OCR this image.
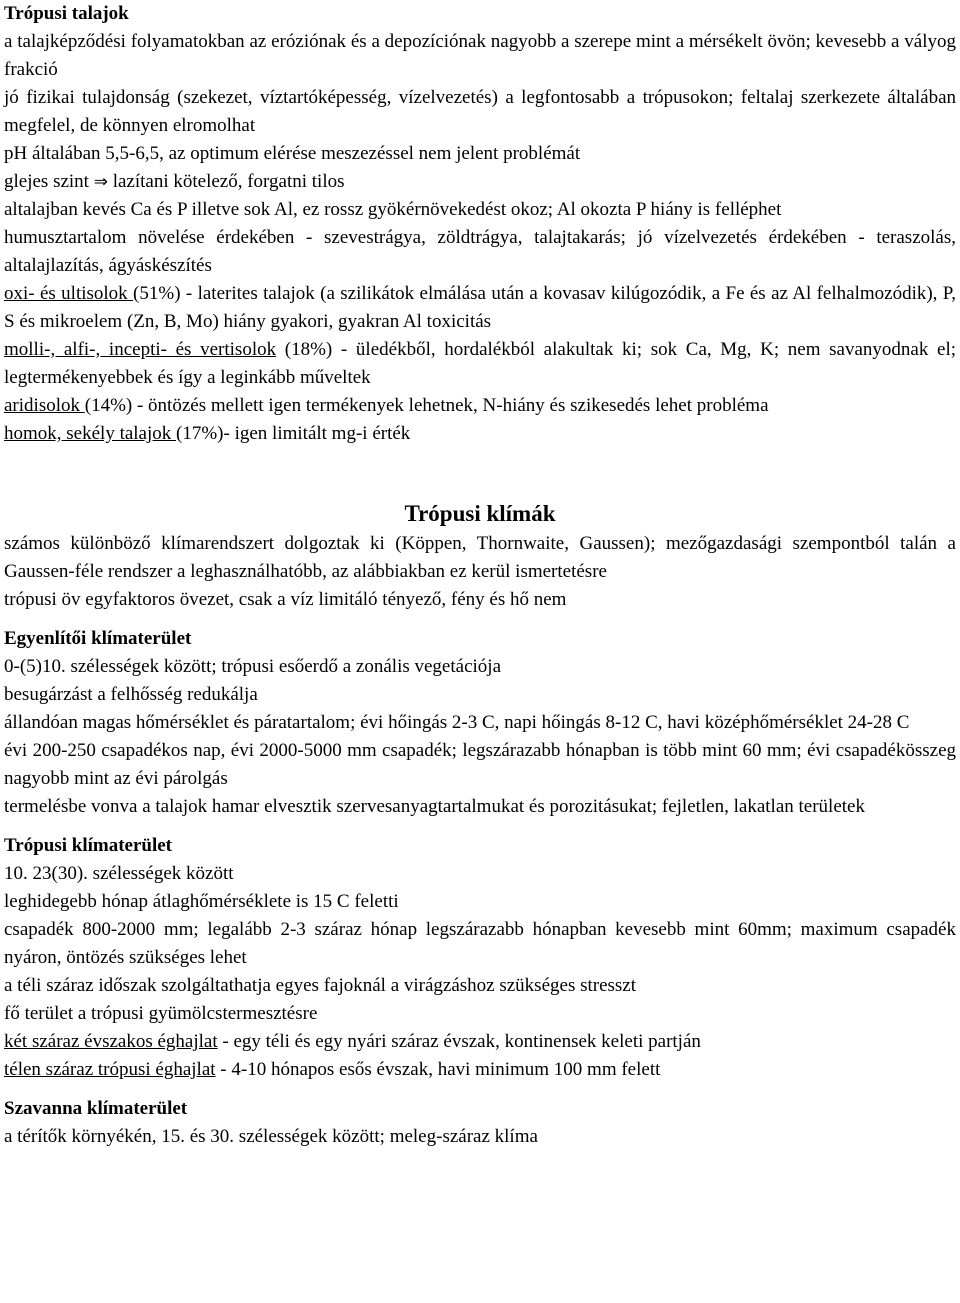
Trópusi talajok

a talajképződési folyamatokban az eróziónak és a depozíciónak nagyobb a szerepe mint a mérsékelt övön; kevesebb a vályog frakció

jó fizikai tulajdonság (szekezet, víztartóképesség, vízelvezetés) a legfontosabb a trópusokon; feltalaj szerkezete általában megfelel, de könnyen elromolhat

pH általában 5,5-6,5, az optimum elérése meszezéssel nem jelent problémát

glejes szint ⇒ lazítani kötelező, forgatni tilos

altalajban kevés Ca és P illetve sok Al, ez rossz gyökérnövekedést okoz; Al okozta P hiány is felléphet

humusztartalom növelése érdekében - szevestrágya, zöldtrágya, talajtakarás; jó vízelvezetés érdekében - teraszolás, altalajlazítás, ágyáskészítés

oxi- és ultisolok (51%) - laterites talajok (a szilikátok elmálása után a kovasav kilúgozódik, a Fe és az Al felhalmozódik), P, S és mikroelem (Zn, B, Mo) hiány gyakori, gyakran Al toxicitás

molli-, alfi-, incepti- és vertisolok (18%) - üledékből, hordalékból alakultak ki; sok Ca, Mg, K; nem savanyodnak el; legtermékenyebbek és így a leginkább műveltek

aridisolok (14%) - öntözés mellett igen termékenyek lehetnek, N-hiány és szikesedés lehet probléma

homok, sekély talajok (17%)- igen limitált mg-i érték

Trópusi klímák

számos különböző klímarendszert dolgoztak ki (Köppen, Thornwaite, Gaussen); mezőgazdasági szempontból talán a Gaussen-féle rendszer a leghasználhatóbb, az alábbiakban ez kerül ismertetésre

trópusi öv egyfaktoros övezet, csak a víz limitáló tényező, fény és hő nem

Egyenlítői klímaterület

0-(5)10. szélességek között; trópusi esőerdő a zonális vegetációja

besugárzást a felhősség redukálja

állandóan magas hőmérséklet és páratartalom; évi hőingás 2-3 C, napi hőingás 8-12 C, havi középhőmérséklet 24-28 C

évi 200-250 csapadékos nap, évi 2000-5000 mm csapadék; legszárazabb hónapban is több mint 60 mm; évi csapadékösszeg nagyobb mint az évi párolgás

termelésbe vonva a talajok hamar elvesztik szervesanyagtartalmukat és porozitásukat; fejletlen, lakatlan területek

Trópusi klímaterület

10. 23(30). szélességek között

leghidegebb hónap átlaghőmérséklete is 15 C feletti

csapadék 800-2000 mm; legalább 2-3 száraz hónap legszárazabb hónapban kevesebb mint 60mm; maximum csapadék nyáron, öntözés szükséges lehet

a téli száraz időszak szolgáltathatja egyes fajoknál a virágzáshoz szükséges stresszt

fő terület a trópusi gyümölcstermesztésre

két száraz évszakos éghajlat - egy téli és egy nyári száraz évszak, kontinensek keleti partján

télen száraz trópusi éghajlat - 4-10 hónapos esős évszak, havi minimum 100 mm felett

Szavanna klímaterület

a térítők környékén, 15. és 30. szélességek között; meleg-száraz klíma
